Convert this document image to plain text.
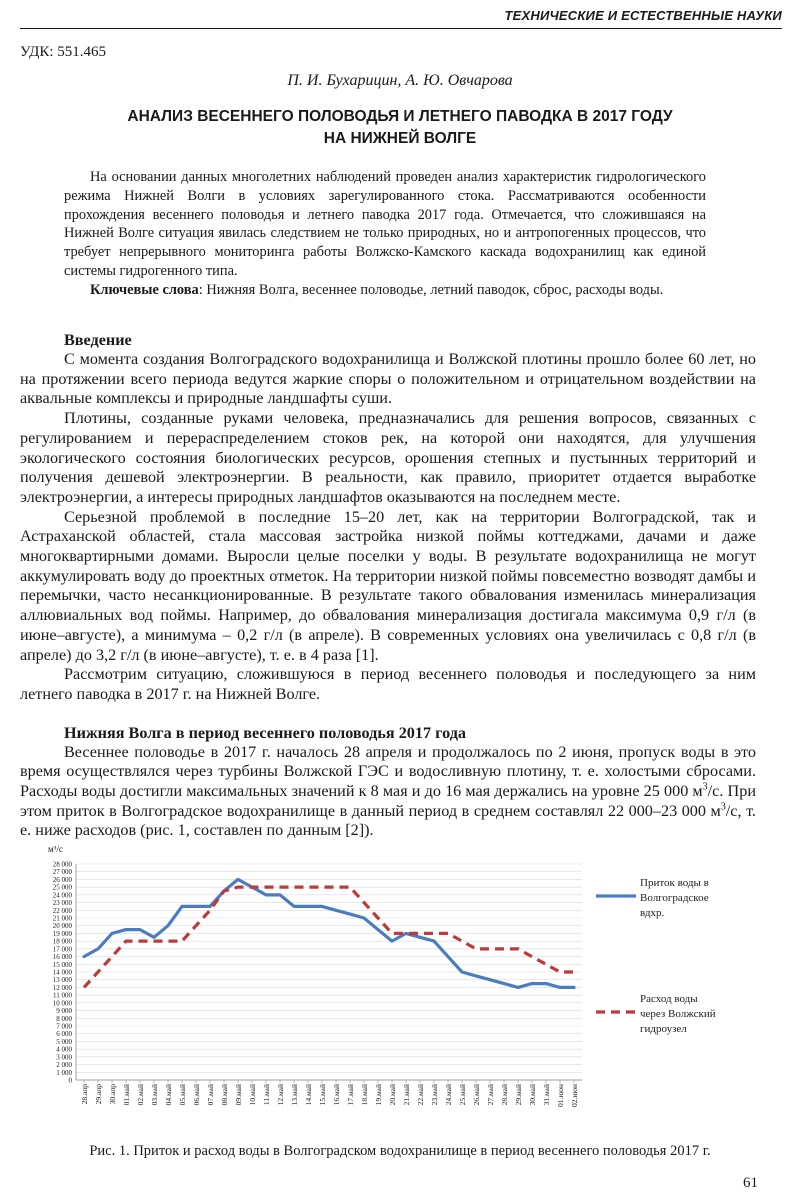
ТЕХНИЧЕСКИЕ И ЕСТЕСТВЕННЫЕ НАУКИ
УДК: 551.465
П. И. Бухарицин, А. Ю. Овчарова
АНАЛИЗ ВЕСЕННЕГО ПОЛОВОДЬЯ И ЛЕТНЕГО ПАВОДКА В 2017 ГОДУ
НА НИЖНЕЙ ВОЛГЕ

На основании данных многолетних наблюдений проведен анализ характеристик гидрологического режима Нижней Волги в условиях зарегулированного стока. Рассматриваются особенности прохождения весеннего половодья и летнего паводка 2017 года. Отмечается, что сложившаяся на Нижней Волге ситуация явилась следствием не только природных, но и антропогенных процессов, что требует непрерывного мониторинга работы Волжско-Камского каскада водохранилищ как единой системы гидрогенного типа.

Ключевые слова: Нижняя Волга, весеннее половодье, летний паводок, сброс, расходы воды.

Введение

С момента создания Волгоградского водохранилища и Волжской плотины прошло более 60 лет, но на протяжении всего периода ведутся жаркие споры о положительном и отрицательном воздействии на аквальные комплексы и природные ландшафты суши.

Плотины, созданные руками человека, предназначались для решения вопросов, связанных с регулированием и перераспределением стоков рек, на которой они находятся, для улучшения экологического состояния биологических ресурсов, орошения степных и пустынных территорий и получения дешевой электроэнергии. В реальности, как правило, приоритет отдается выработке электроэнергии, а интересы природных ландшафтов оказываются на последнем месте.

Серьезной проблемой в последние 15–20 лет, как на территории Волгоградской, так и Астраханской областей, стала массовая застройка низкой поймы коттеджами, дачами и даже многоквартирными домами. Выросли целые поселки у воды. В результате водохранилища не могут аккумулировать воду до проектных отметок. На территории низкой поймы повсеместно возводят дамбы и перемычки, часто несанкционированные. В результате такого обвалования изменилась минерализация аллювиальных вод поймы. Например, до обвалования минерализация достигала максимума 0,9 г/л (в июне–августе), а минимума – 0,2 г/л (в апреле). В современных условиях она увеличилась с 0,8 г/л (в апреле) до 3,2 г/л (в июне–августе), т. е. в 4 раза [1].

Рассмотрим ситуацию, сложившуюся в период весеннего половодья и последующего за ним летнего паводка в 2017 г. на Нижней Волге.

Нижняя Волга в период весеннего половодья 2017 года

Весеннее половодье в 2017 г. началось 28 апреля и продолжалось по 2 июня, пропуск воды в это время осуществлялся через турбины Волжской ГЭС и водосливную плотину, т. е. холостыми сбросами. Расходы воды достигли максимальных значений к 8 мая и до 16 мая держались на уровне 25 000 $м^3/с$. При этом приток в Волгоградское водохранилище в данный период в среднем составлял 22 000–23 000 $м^3/с$, т. е. ниже расходов (рис. 1, составлен по данным [2]).

м³/с
0
1 000
2 000
3 000
4 000
5 000
6 000
7 000
8 000
9 000
10 000
11 000
12 000
13 000
14 000
15 000
16 000
17 000
18 000
19 000
20 000
21 000
22 000
23 000
24 000
25 000
26 000
27 000
28 000
28.апр 29.апр 30.апр 01.май 02.май 03.май 04.май 05.май 06.май 07.май 08.май 09.май 10.май 11.май 12.май 13.май 14.май 15.май 16.май 17.май 18.май 19.май 20.май 21.май 22.май 23.май 24.май 25.май 26.май 27.май 28.май 29.май 30.май 31.май 01.июн 02.июн
Приток воды в
Волгоградское
вдхр.
Расход воды
через Волжский
гидроузел
Рис. 1. Приток и расход воды в Волгоградском водохранилище в период весеннего половодья 2017 г.
61
